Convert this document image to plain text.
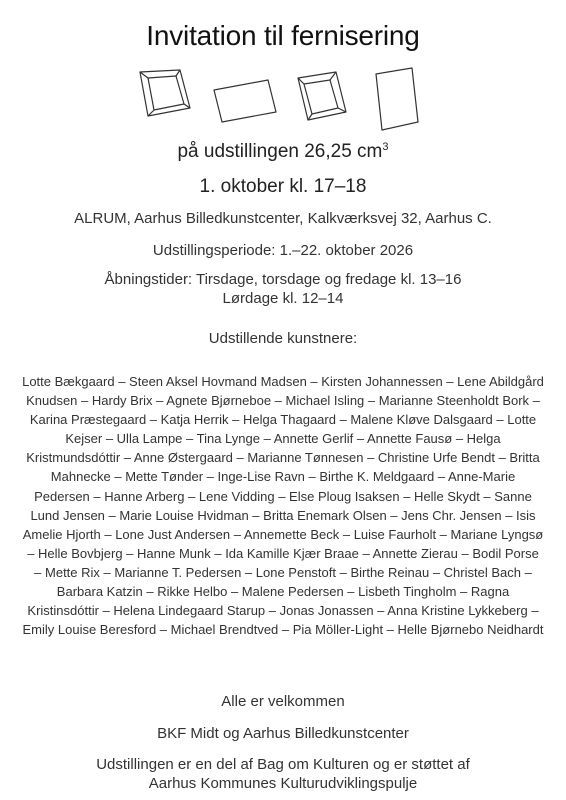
Invitation til fernisering
på udstillingen 26,25 $cm^3$
1. oktober kl. 17–18
ALRUM, Aarhus Billedkunstcenter, Kalkværksvej 32, Aarhus C.
Udstillingsperiode: 1.–22. oktober 2026
Åbningstider: Tirsdage, torsdage og fredage kl. 13–16
Lørdage kl. 12–14
Udstillende kunstnere:

Lotte Bækgaard – Steen Aksel Hovmand Madsen – Kirsten Johannessen – Lene Abildgård Knudsen – Hardy Brix – Agnete Bjørneboe – Michael Isling – Marianne Steenholdt Bork – Karina Præstegaard – Katja Herrik – Helga Thagaard – Malene Kløve Dalsgaard – Lotte Kejser – Ulla Lampe – Tina Lynge – Annette Gerlif – Annette Fausø – Helga Kristmundsdóttir – Anne Østergaard – Marianne Tønnesen – Christine Urfe Bendt – Britta Mahnecke – Mette Tønder – Inge-Lise Ravn – Birthe K. Meldgaard – Anne-Marie Pedersen – Hanne Arberg – Lene Vidding – Else Ploug Isaksen – Helle Skydt – Sanne Lund Jensen – Marie Louise Hvidman – Britta Enemark Olsen – Jens Chr. Jensen – Isis Amelie Hjorth – Lone Just Andersen – Annemette Beck – Luise Faurholt – Mariane Lyngsø – Helle Bovbjerg – Hanne Munk – Ida Kamille Kjær Braae – Annette Zierau – Bodil Porse – Mette Rix – Marianne T. Pedersen – Lone Penstoft – Birthe Reinau – Christel Bach – Barbara Katzin – Rikke Helbo – Malene Pedersen – Lisbeth Tingholm – Ragna Kristinsdóttir – Helena Lindegaard Starup – Jonas Jonassen – Anna Kristine Lykkeberg – Emily Louise Beresford – Michael Brendtved – Pia Möller-Light – Helle Bjørnebo Neidhardt

Alle er velkommen
BKF Midt og Aarhus Billedkunstcenter
Udstillingen er en del af Bag om Kulturen og er støttet af
Aarhus Kommunes Kulturudviklingspulje
